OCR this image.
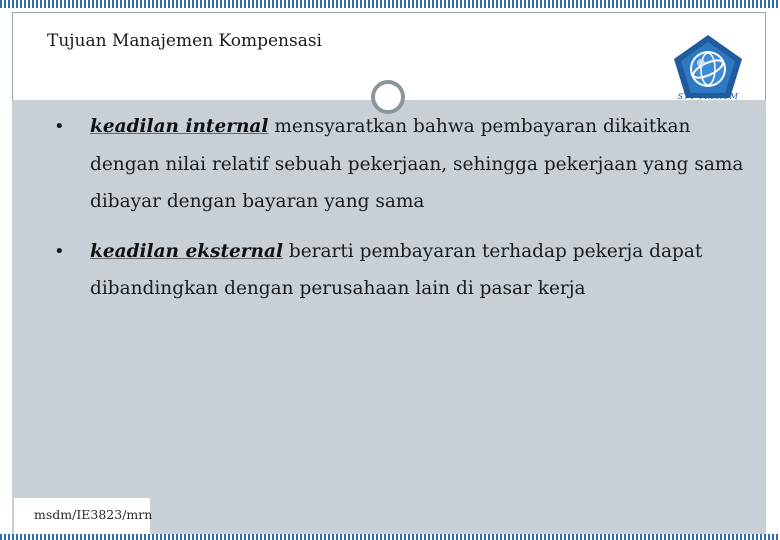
Tujuan Manajemen Kompensasi
STT TELKOM
• keadilan internal mensyaratkan bahwa pembayaran dikaitkan dengan nilai relatif sebuah pekerjaan, sehingga pekerjaan yang sama dibayar dengan bayaran yang sama
• keadilan eksternal berarti pembayaran terhadap pekerja dapat dibandingkan dengan perusahaan lain di pasar kerja
msdm/IE3823/mrn
